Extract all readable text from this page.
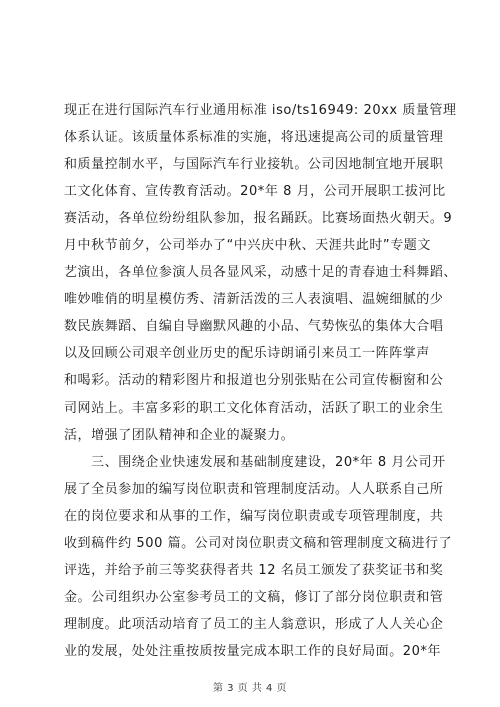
现正在进行国际汽车行业通用标准 iso/ts16949: 20xx 质量管理
体系认证。该质量体系标准的实施，将迅速提高公司的质量管理
和质量控制水平，与国际汽车行业接轨。公司因地制宜地开展职
工文化体育、宣传教育活动。20*年 8 月，公司开展职工拔河比
赛活动，各单位纷纷组队参加，报名踊跃。比赛场面热火朝天。9
月中秋节前夕，公司举办了“中兴庆中秋、天涯共此时”专题文
艺演出，各单位参演人员各显风采，动感十足的青春迪士科舞蹈、
唯妙唯俏的明星模仿秀、清新活泼的三人表演唱、温婉细腻的少
数民族舞蹈、自编自导幽默风趣的小品、气势恢弘的集体大合唱
以及回顾公司艰辛创业历史的配乐诗朗诵引来员工一阵阵掌声
和喝彩。活动的精彩图片和报道也分别张贴在公司宣传橱窗和公
司网站上。丰富多彩的职工文化体育活动，活跃了职工的业余生
活，增强了团队精神和企业的凝聚力。
　　三、围绕企业快速发展和基础制度建设，20*年 8 月公司开
展了全员参加的编写岗位职责和管理制度活动。人人联系自己所
在的岗位要求和从事的工作，编写岗位职责或专项管理制度，共
收到稿件约 500 篇。公司对岗位职责文稿和管理制度文稿进行了
评选，并给予前三等奖获得者共 12 名员工颁发了获奖证书和奖
金。公司组织办公室参考员工的文稿，修订了部分岗位职责和管
理制度。此项活动培育了员工的主人翁意识，形成了人人关心企
业的发展，处处注重按质按量完成本职工作的良好局面。20*年
第 3 页 共 4 页
